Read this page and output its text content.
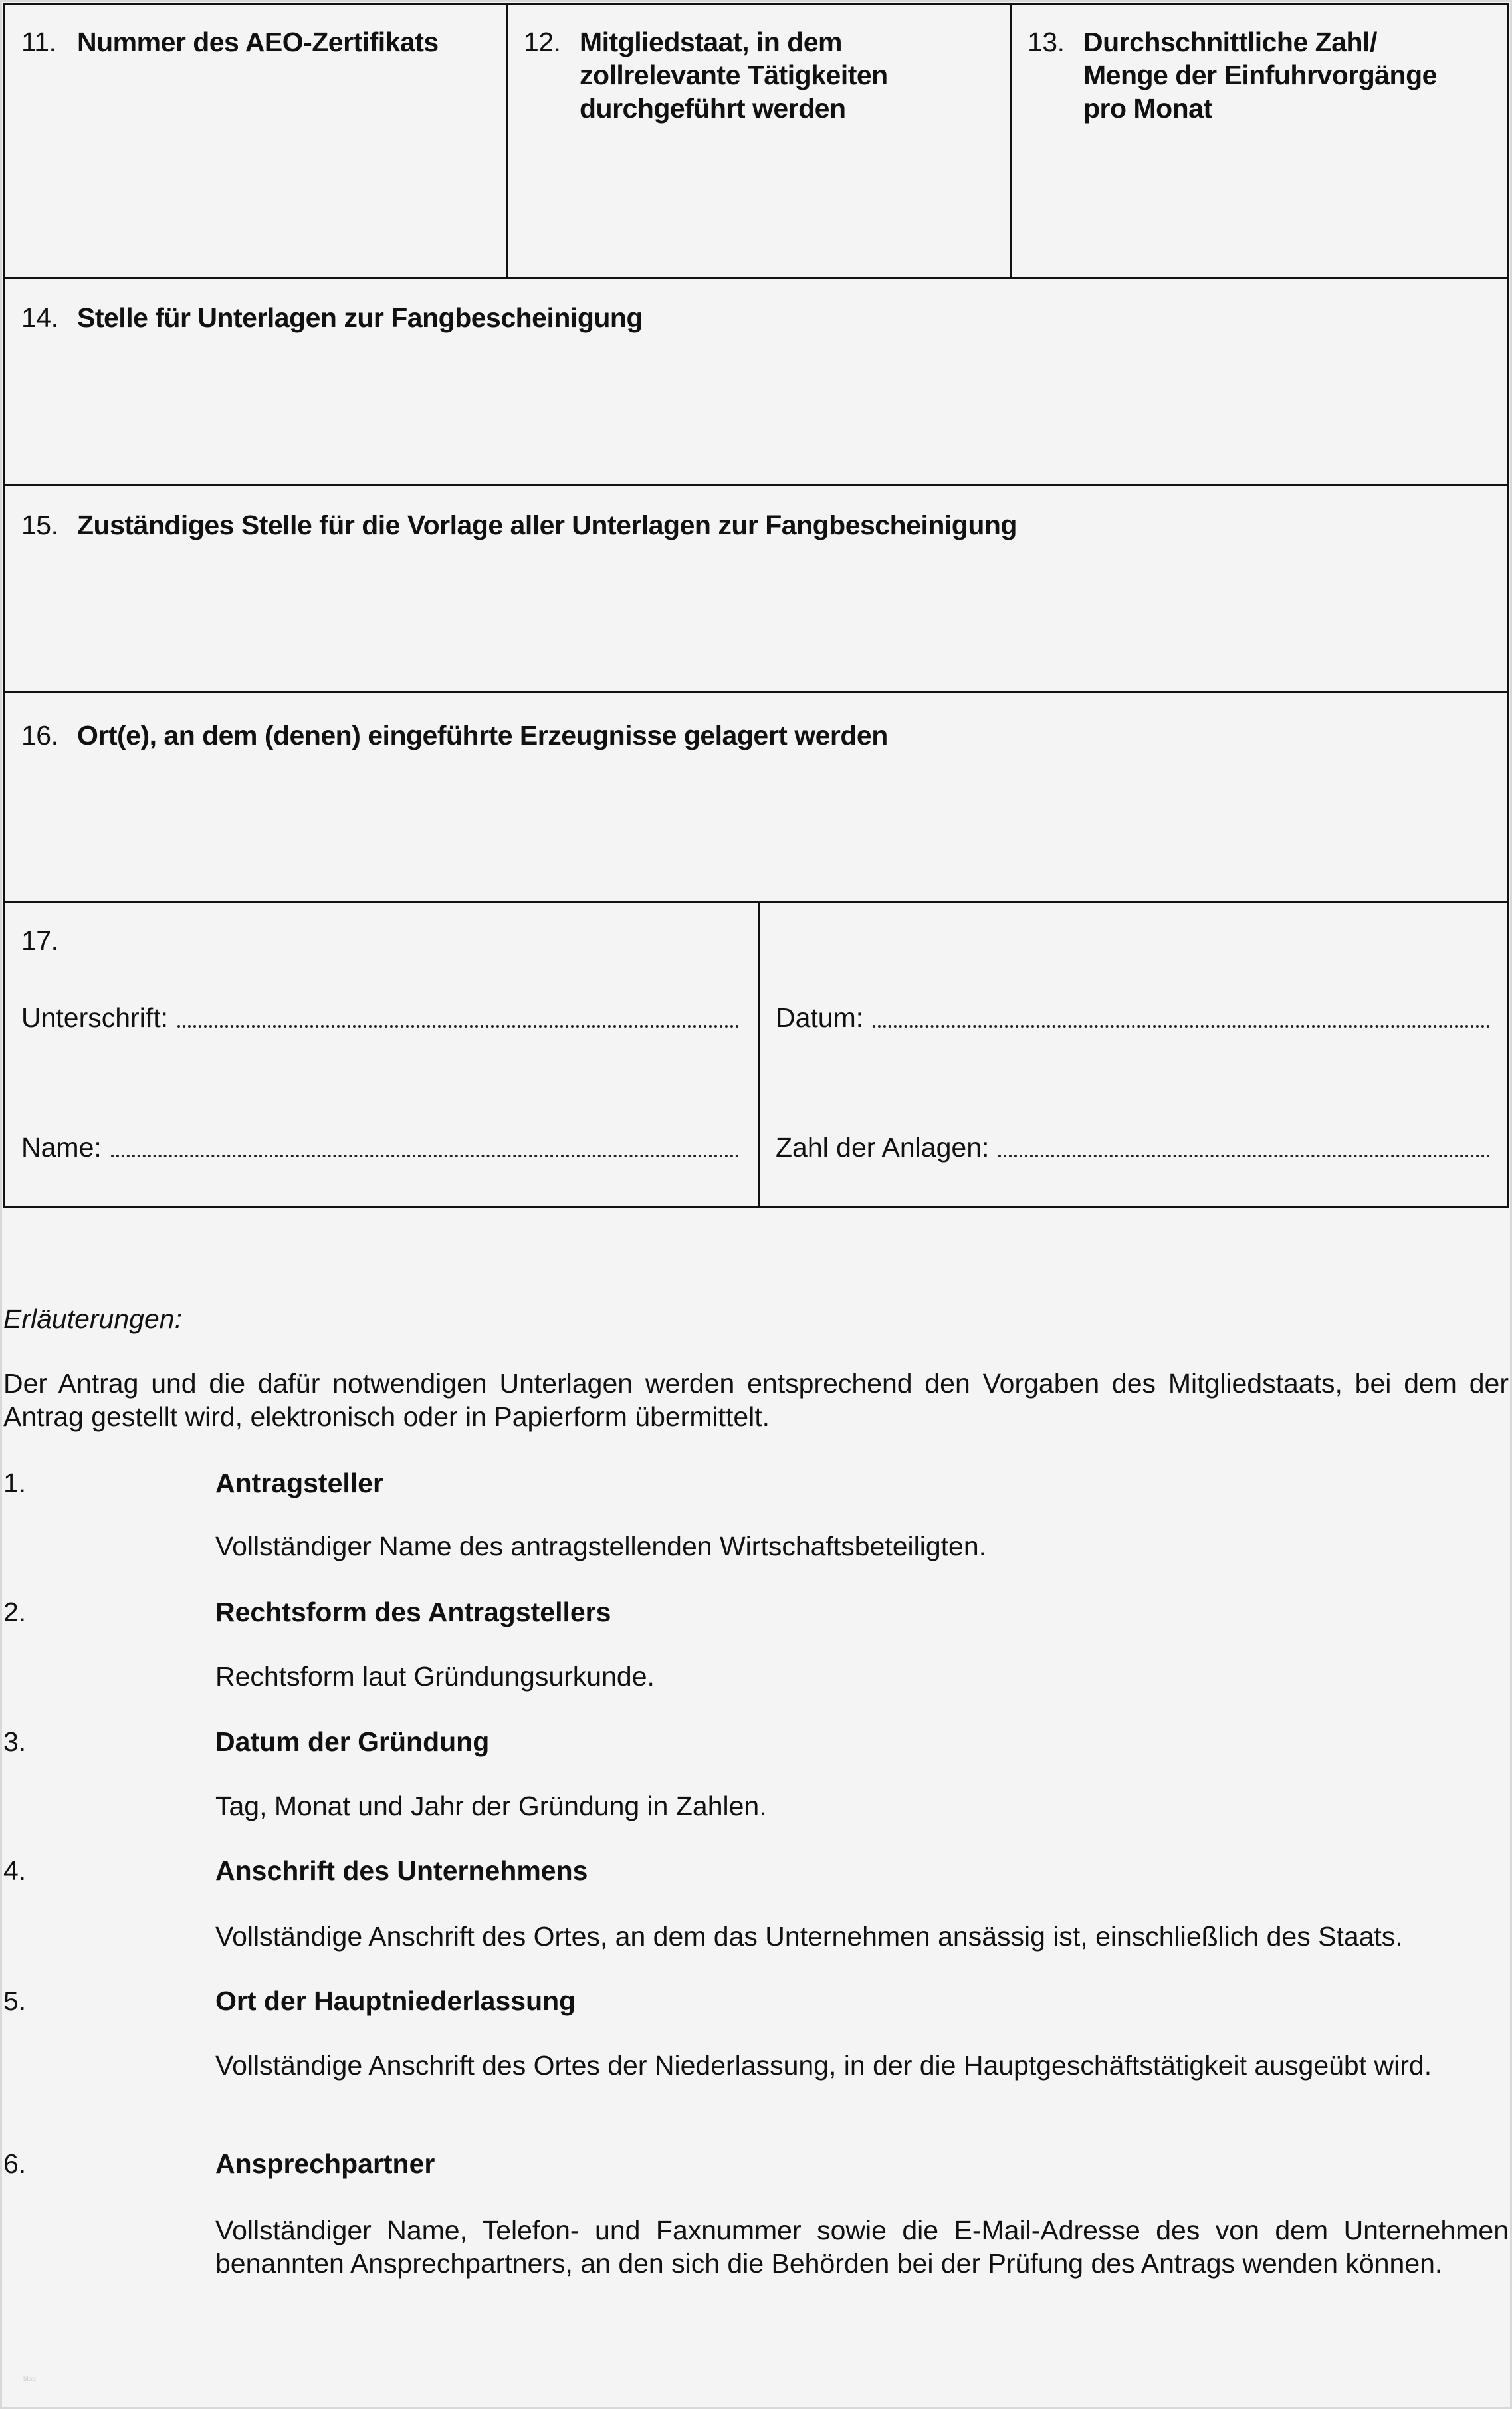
11. Nummer des AEO-Zertifikats	12. Mitgliedstaat, in dem
zollrelevante Tätigkeiten
durchgeführt werden
13. Durchschnittliche Zahl/
Menge der Einfuhrvorgänge
pro Monat
14. Stelle für Unterlagen zur Fangbescheinigung
15. Zuständiges Stelle für die Vorlage aller Unterlagen zur Fangbescheinigung
16. Ort(e), an dem (denen) eingeführte Erzeugnisse gelagert werden
17.
Unterschrift:
Name:
Datum:
Zahl der Anlagen:
Erläuterungen:
Der Antrag und die dafür notwendigen Unterlagen werden entsprechend den Vorgaben des Mitgliedstaats, bei dem der Antrag gestellt wird, elektronisch oder in Papierform übermittelt.
1.	Antragsteller
Vollständiger Name des antragstellenden Wirtschaftsbeteiligten.
2.	Rechtsform des Antragstellers
Rechtsform laut Gründungsurkunde.
3.	Datum der Gründung
Tag, Monat und Jahr der Gründung in Zahlen.
4.	Anschrift des Unternehmens
Vollständige Anschrift des Ortes, an dem das Unternehmen ansässig ist, einschließlich des Staats.
5.	Ort der Hauptniederlassung
Vollständige Anschrift des Ortes der Niederlassung, in der die Hauptgeschäftstätigkeit ausgeübt wird.
6.	Ansprechpartner
Vollständiger Name, Telefon- und Faxnummer sowie die E-Mail-Adresse des von dem Unternehmen benannten Ansprechpartners, an den sich die Behörden bei der Prüfung des Antrags wenden können.
blog
